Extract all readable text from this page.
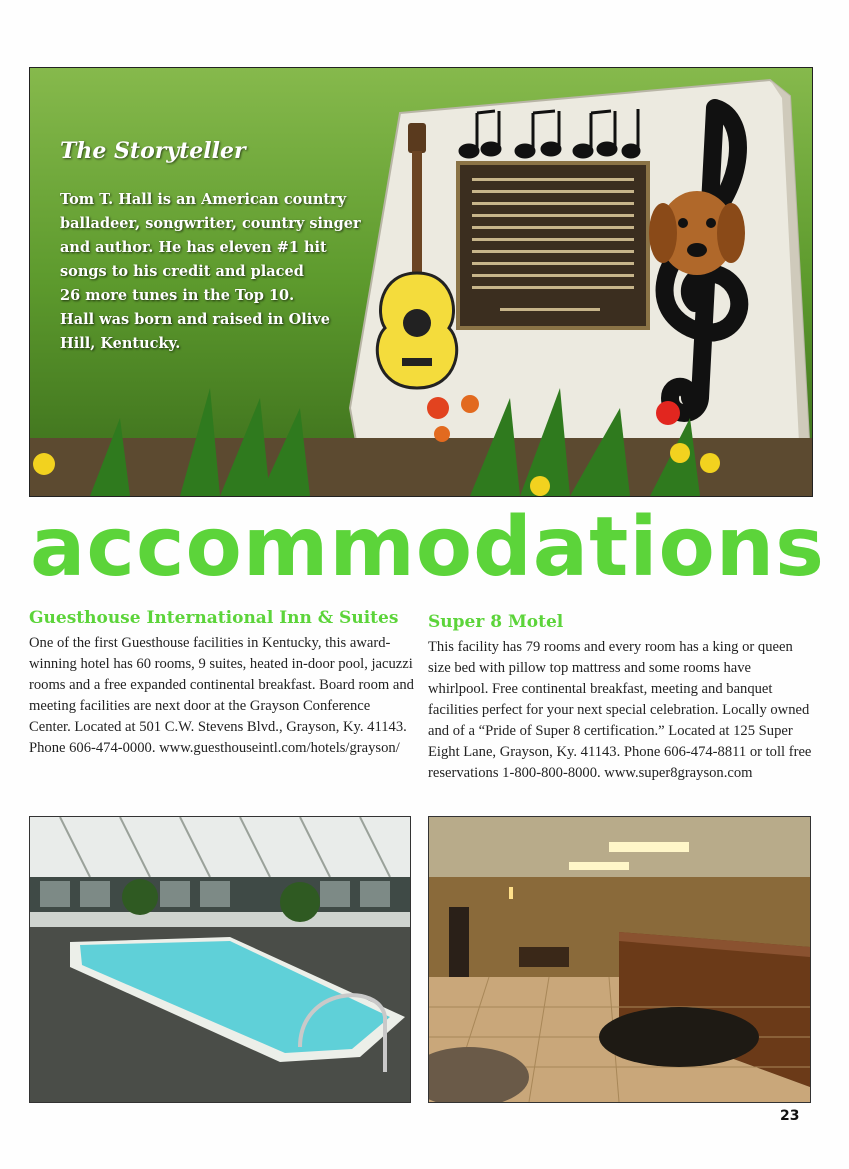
The Storyteller
Tom T. Hall is an American country
balladeer, songwriter, country singer
and author. He has eleven #1 hit
songs to his credit and placed
26 more tunes in the Top 10.
Hall was born and raised in Olive
Hill, Kentucky.
accommodations
Guesthouse International Inn & Suites

One of the first Guesthouse facilities in Kentucky, this award-winning hotel has 60 rooms, 9 suites, heated in-door pool, jacuzzi rooms and a free expanded continental breakfast. Board room and meeting facilities are next door at the Grayson Conference Center. Located at 501 C.W. Stevens Blvd., Grayson, Ky. 41143. Phone 606-474-0000. www.guesthouseintl.com/hotels/grayson/

Super 8 Motel

This facility has 79 rooms and every room has a king or queen size bed with pillow top mattress and some rooms have whirlpool. Free continental breakfast, meeting and banquet facilities perfect for your next special celebration. Locally owned and of a “Pride of Super 8 certification.” Located at 125 Super Eight Lane, Grayson, Ky. 41143. Phone 606-474-8811 or toll free reservations 1-800-800-8000. www.super8grayson.com

23
